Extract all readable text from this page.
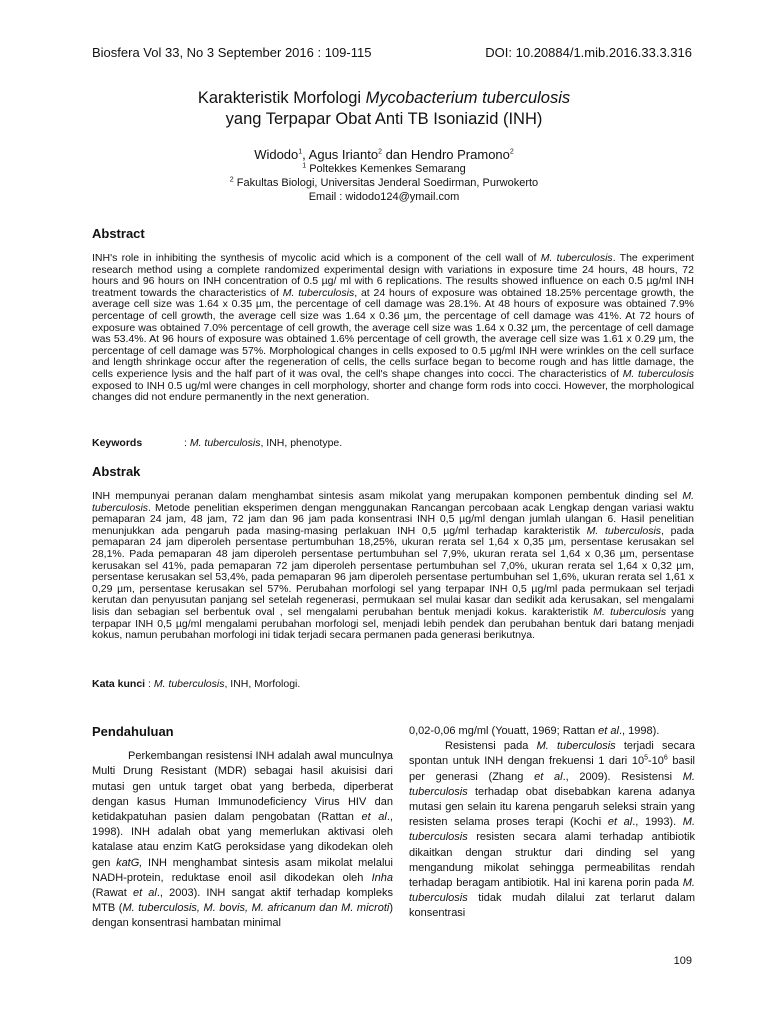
Biosfera Vol 33, No 3 September 2016 : 109-115	DOI: 10.20884/1.mib.2016.33.3.316
Karakteristik Morfologi Mycobacterium tuberculosis
yang Terpapar Obat Anti TB Isoniazid (INH)
Widodo$^1$, Agus Irianto$^2$ dan Hendro Pramono$^2$
$^1$ Poltekkes Kemenkes Semarang
$^2$ Fakultas Biologi, Universitas Jenderal Soedirman, Purwokerto
Email : widodo124@ymail.com
Abstract

INH's role in inhibiting the synthesis of mycolic acid which is a component of the cell wall of M. tuberculosis. The experiment research method using a complete randomized experimental design with variations in exposure time 24 hours, 48 hours, 72 hours and 96 hours on INH concentration of 0.5 µg/ ml with 6 replications. The results showed influence on each 0.5 µg/ml INH treatment towards the characteristics of M. tuberculosis, at 24 hours of exposure was obtained 18.25% percentage growth, the average cell size was 1.64 x 0.35 µm, the percentage of cell damage was 28.1%. At 48 hours of exposure was obtained 7.9% percentage of cell growth, the average cell size was 1.64 x 0.36 µm, the percentage of cell damage was 41%. At 72 hours of exposure was obtained 7.0% percentage of cell growth, the average cell size was 1.64 x 0.32 µm, the percentage of cell damage was 53.4%. At 96 hours of exposure was obtained 1.6% percentage of cell growth, the average cell size was 1.61 x 0.29 µm, the percentage of cell damage was 57%. Morphological changes in cells exposed to 0.5 µg/ml INH were wrinkles on the cell surface and length shrinkage occur after the regeneration of cells, the cells surface began to become rough and has little damage, the cells experience lysis and the half part of it was oval, the cell's shape changes into cocci. The characteristics of M. tuberculosis exposed to INH 0.5 ug/ml were changes in cell morphology, shorter and change form rods into cocci. However, the morphological changes did not endure permanently in the next generation.

Keywords	: M. tuberculosis, INH, phenotype.
Abstrak

INH mempunyai peranan dalam menghambat sintesis asam mikolat yang merupakan komponen pembentuk dinding sel M. tuberculosis. Metode penelitian eksperimen dengan menggunakan Rancangan percobaan acak Lengkap dengan variasi waktu pemaparan 24 jam, 48 jam, 72 jam dan 96 jam pada konsentrasi INH 0,5 µg/ml dengan jumlah ulangan 6. Hasil penelitian menunjukkan ada pengaruh pada masing-masing perlakuan INH 0,5 µg/ml terhadap karakteristik M. tuberculosis, pada pemaparan 24 jam diperoleh persentase pertumbuhan 18,25%, ukuran rerata sel 1,64 x 0,35 µm, persentase kerusakan sel 28,1%. Pada pemaparan 48 jam diperoleh persentase pertumbuhan sel 7,9%, ukuran rerata sel 1,64 x 0,36 µm, persentase kerusakan sel 41%, pada pemaparan 72 jam diperoleh persentase pertumbuhan sel 7,0%, ukuran rerata sel 1,64 x 0,32 µm, persentase kerusakan sel 53,4%, pada pemaparan 96 jam diperoleh persentase pertumbuhan sel 1,6%, ukuran rerata sel 1,61 x 0,29 µm, persentase kerusakan sel 57%. Perubahan morfologi sel yang terpapar INH 0,5 µg/ml pada permukaan sel terjadi kerutan dan penyusutan panjang sel setelah regenerasi, permukaan sel mulai kasar dan sedikit ada kerusakan, sel mengalami lisis dan sebagian sel berbentuk oval , sel mengalami perubahan bentuk menjadi kokus. karakteristik M. tuberculosis yang terpapar INH 0,5 µg/ml mengalami perubahan morfologi sel, menjadi lebih pendek dan perubahan bentuk dari batang menjadi kokus, namun perubahan morfologi ini tidak terjadi secara permanen pada generasi berikutnya.

Kata kunci : M. tuberculosis, INH, Morfologi.
Pendahuluan

Perkembangan resistensi INH adalah awal munculnya Multi Drung Resistant (MDR) sebagai hasil akuisisi dari mutasi gen untuk target obat yang berbeda, diperberat dengan kasus Human Immunodeficiency Virus HIV dan ketidakpatuhan pasien dalam pengobatan (Rattan et al., 1998). INH adalah obat yang memerlukan aktivasi oleh katalase atau enzim KatG peroksidase yang dikodekan oleh gen katG, INH menghambat sintesis asam mikolat melalui NADH-protein, reduktase enoil asil dikodekan oleh Inha (Rawat et al., 2003). INH sangat aktif terhadap kompleks MTB (M. tuberculosis, M. bovis, M. africanum dan M. microti) dengan konsentrasi hambatan minimal

0,02-0,06 mg/ml (Youatt, 1969; Rattan et al., 1998).

Resistensi pada M. tuberculosis terjadi secara spontan untuk INH dengan frekuensi 1 dari $10^5-10^6$ basil per generasi (Zhang et al., 2009). Resistensi M. tuberculosis terhadap obat disebabkan karena adanya mutasi gen selain itu karena pengaruh seleksi strain yang resisten selama proses terapi (Kochi et al., 1993). M. tuberculosis resisten secara alami terhadap antibiotik dikaitkan dengan struktur dari dinding sel yang mengandung mikolat sehingga permeabilitas rendah terhadap beragam antibiotik. Hal ini karena porin pada M. tuberculosis tidak mudah dilalui zat terlarut dalam konsentrasi

109
